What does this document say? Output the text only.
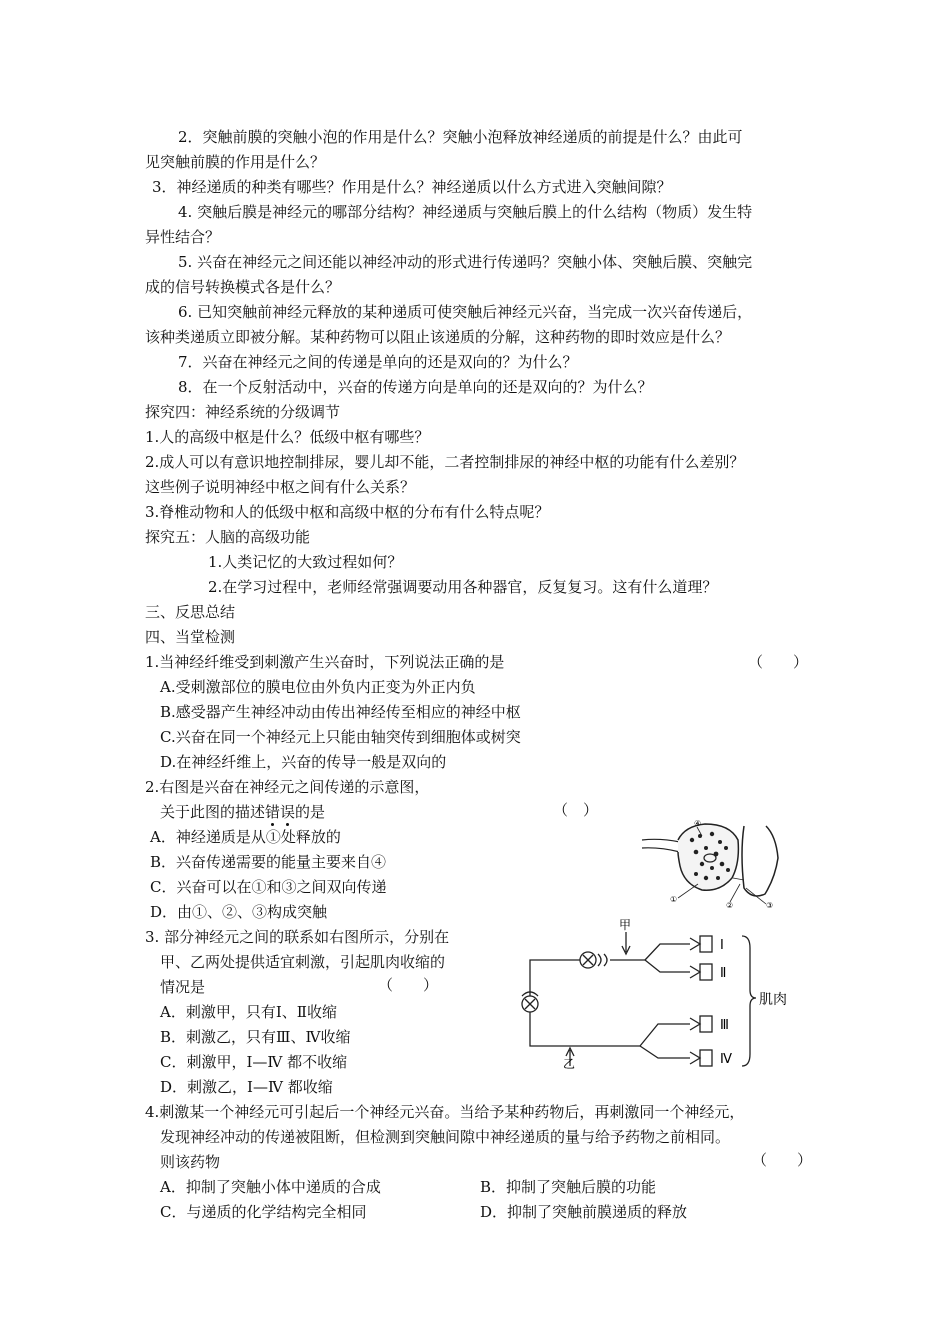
2．突触前膜的突触小泡的作用是什么？突触小泡释放神经递质的前提是什么？由此可
见突触前膜的作用是什么？
3．神经递质的种类有哪些？作用是什么？神经递质以什么方式进入突触间隙？
4. 突触后膜是神经元的哪部分结构？神经递质与突触后膜上的什么结构（物质）发生特
异性结合？
5. 兴奋在神经元之间还能以神经冲动的形式进行传递吗？突触小体、突触后膜、突触完
成的信号转换模式各是什么？
6. 已知突触前神经元释放的某种递质可使突触后神经元兴奋，当完成一次兴奋传递后，
该种类递质立即被分解。某种药物可以阻止该递质的分解，这种药物的即时效应是什么？
7．兴奋在神经元之间的传递是单向的还是双向的？为什么？
8．在一个反射活动中，兴奋的传递方向是单向的还是双向的？为什么？
探究四：神经系统的分级调节
1.人的高级中枢是什么？低级中枢有哪些？
2.成人可以有意识地控制排尿，婴儿却不能，二者控制排尿的神经中枢的功能有什么差别？
这些例子说明神经中枢之间有什么关系？
3.脊椎动物和人的低级中枢和高级中枢的分布有什么特点呢？
探究五：人脑的高级功能
1.人类记忆的大致过程如何？
2.在学习过程中，老师经常强调要动用各种器官，反复复习。这有什么道理？
三、反思总结
四、当堂检测
1.当神经纤维受到刺激产生兴奋时，下列说法正确的是	（　　）
A.受刺激部位的膜电位由外负内正变为外正内负
B.感受器产生神经冲动由传出神经传至相应的神经中枢
C.兴奋在同一个神经元上只能由轴突传到细胞体或树突
D.在神经纤维上，兴奋的传导一般是双向的
2.右图是兴奋在神经元之间传递的示意图，
关于此图的描述错误的是	（　）
A．神经递质是从①处释放的
B．兴奋传递需要的能量主要来自④
C．兴奋可以在①和③之间双向传递
D．由①、②、③构成突触
④
①
②	③
3. 部分神经元之间的联系如右图所示，分别在
甲、乙两处提供适宜刺激，引起肌肉收缩的
情况是	（　　）
A．刺激甲，只有Ⅰ、Ⅱ收缩
B．刺激乙，只有Ⅲ、Ⅳ收缩
C．刺激甲，Ⅰ—Ⅳ 都不收缩
D．刺激乙，Ⅰ—Ⅳ 都收缩
甲
乙
Ⅰ
Ⅱ
Ⅲ
Ⅳ
肌肉
4.刺激某一个神经元可引起后一个神经元兴奋。当给予某种药物后，再刺激同一个神经元，
发现神经冲动的传递被阻断，但检测到突触间隙中神经递质的量与给予药物之前相同。
则该药物	（　　）
A．抑制了突触小体中递质的合成	B．抑制了突触后膜的功能
C．与递质的化学结构完全相同	D．抑制了突触前膜递质的释放
